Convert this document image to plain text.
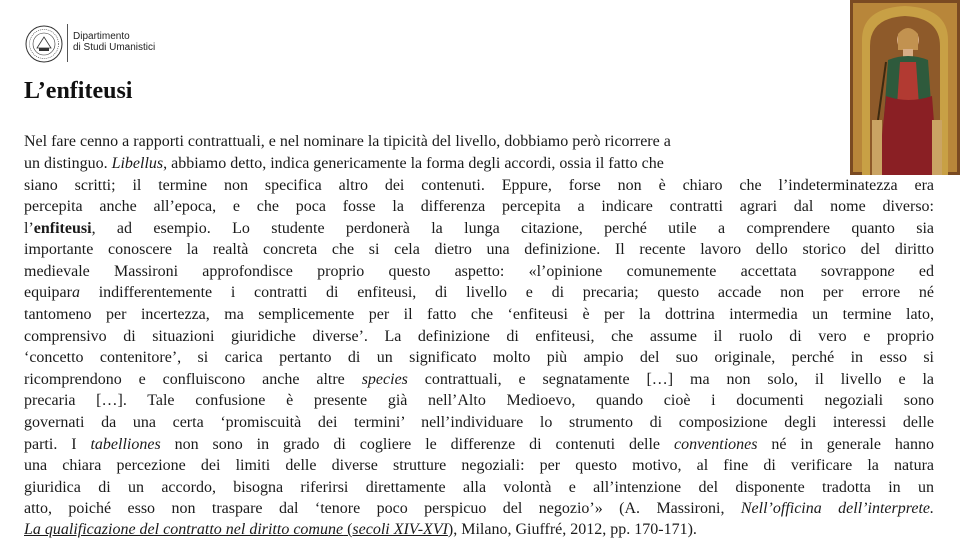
Dipartimento
di Studi Umanistici
L’enfiteusi
Nel fare cenno a rapporti contrattuali, e nel nominare la tipicità del livello, dobbiamo però ricorrere a
un distinguo. Libellus, abbiamo detto, indica genericamente la forma degli accordi, ossia il fatto che
siano scritti; il termine non specifica altro dei contenuti. Eppure, forse non è chiaro che l’indeterminatezza era
percepita anche all’epoca, e che poca fosse la differenza percepita a indicare contratti agrari dal nome diverso:
l’enfiteusi, ad esempio. Lo studente perdonerà la lunga citazione, perché utile a comprendere quanto sia
importante conoscere la realtà concreta che si cela dietro una definizione. Il recente lavoro dello storico del diritto
medievale Massironi approfondisce proprio questo aspetto: «l’opinione comunemente accettata sovrappone ed
equipara indifferentemente i contratti di enfiteusi, di livello e di precaria; questo accade non per errore né
tantomeno per incertezza, ma semplicemente per il fatto che ‘enfiteusi è per la dottrina intermedia un termine lato,
comprensivo di situazioni giuridiche diverse’. La definizione di enfiteusi, che assume il ruolo di vero e proprio
‘concetto contenitore’, si carica pertanto di un significato molto più ampio del suo originale, perché in esso si
ricomprendono e confluiscono anche altre species contrattuali, e segnatamente […] ma non solo, il livello e la
precaria […]. Tale confusione è presente già nell’Alto Medioevo, quando cioè i documenti negoziali sono
governati da una certa ‘promiscuità dei termini’ nell’individuare lo strumento di composizione degli interessi delle
parti. I tabelliones non sono in grado di cogliere le differenze di contenuti delle conventiones né in generale hanno
una chiara percezione dei limiti delle diverse strutture negoziali: per questo motivo, al fine di verificare la natura
giuridica di un accordo, bisogna riferirsi direttamente alla volontà e all’intenzione del disponente tradotta in un
atto, poiché esso non traspare dal ‘tenore poco perspicuo del negozio’» (A. Massironi, Nell’officina dell’interprete.
La qualificazione del contratto nel diritto comune (secoli XIV-XVI), Milano, Giuffré, 2012, pp. 170-171).
